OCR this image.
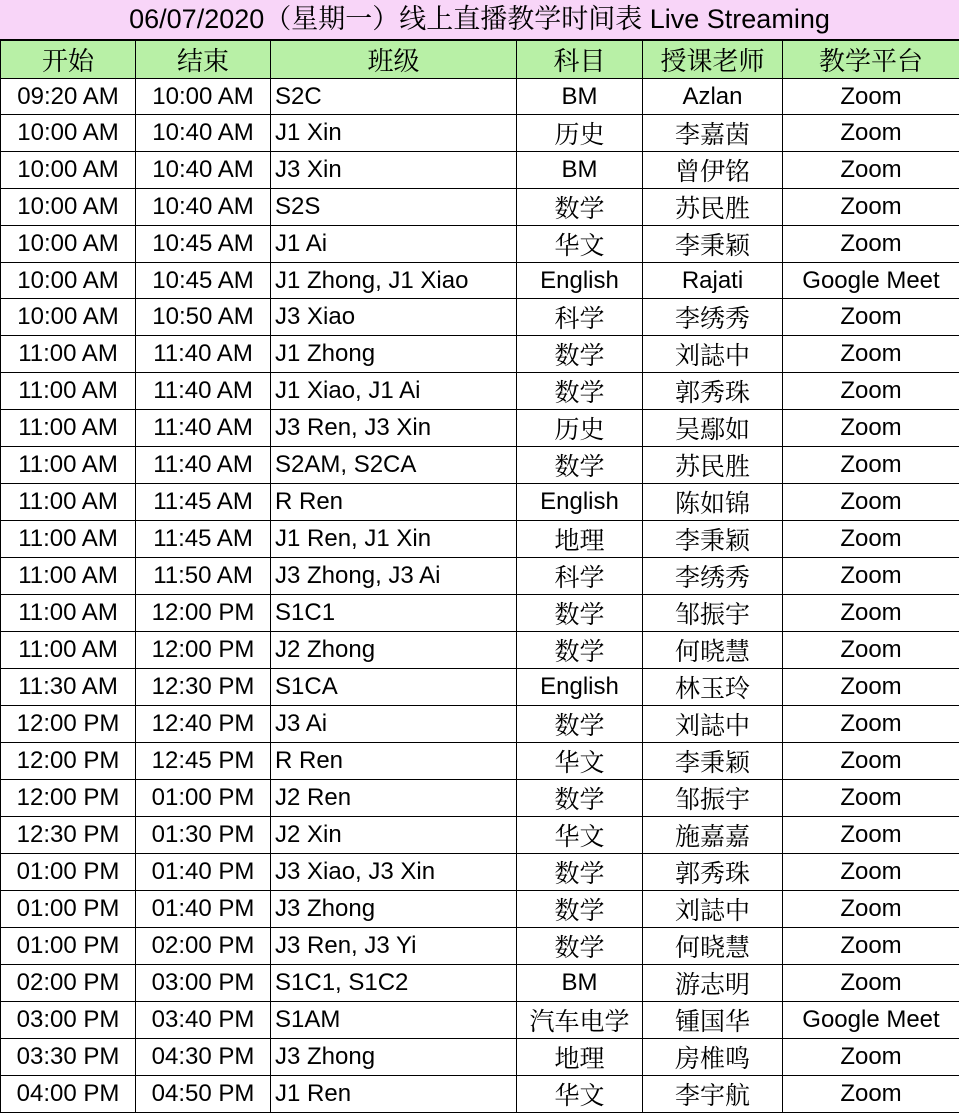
06/07/2020（星期一）线上直播教学时间表 Live Streaming
开始	结束	班级	科目	授课老师	教学平台
09:20 AM	10:00 AM	S2C	BM	Azlan	Zoom
10:00 AM	10:40 AM	J1 Xin	历史	李嘉茵	Zoom
10:00 AM	10:40 AM	J3 Xin	BM	曾伊铭	Zoom
10:00 AM	10:40 AM	S2S	数学	苏民胜	Zoom
10:00 AM	10:45 AM	J1 Ai	华文	李秉颖	Zoom
10:00 AM	10:45 AM	J1 Zhong, J1 Xiao	English	Rajati	Google Meet
10:00 AM	10:50 AM	J3 Xiao	科学	李绣秀	Zoom
11:00 AM	11:40 AM	J1 Zhong	数学	刘誌中	Zoom
11:00 AM	11:40 AM	J1 Xiao, J1 Ai	数学	郭秀珠	Zoom
11:00 AM	11:40 AM	J3 Ren, J3 Xin	历史	吴鄢如	Zoom
11:00 AM	11:40 AM	S2AM, S2CA	数学	苏民胜	Zoom
11:00 AM	11:45 AM	R Ren	English	陈如锦	Zoom
11:00 AM	11:45 AM	J1 Ren, J1 Xin	地理	李秉颖	Zoom
11:00 AM	11:50 AM	J3 Zhong, J3 Ai	科学	李绣秀	Zoom
11:00 AM	12:00 PM	S1C1	数学	邹振宇	Zoom
11:00 AM	12:00 PM	J2 Zhong	数学	何晓慧	Zoom
11:30 AM	12:30 PM	S1CA	English	林玉玲	Zoom
12:00 PM	12:40 PM	J3 Ai	数学	刘誌中	Zoom
12:00 PM	12:45 PM	R Ren	华文	李秉颖	Zoom
12:00 PM	01:00 PM	J2 Ren	数学	邹振宇	Zoom
12:30 PM	01:30 PM	J2 Xin	华文	施嘉嘉	Zoom
01:00 PM	01:40 PM	J3 Xiao, J3 Xin	数学	郭秀珠	Zoom
01:00 PM	01:40 PM	J3 Zhong	数学	刘誌中	Zoom
01:00 PM	02:00 PM	J3 Ren, J3 Yi	数学	何晓慧	Zoom
02:00 PM	03:00 PM	S1C1, S1C2	BM	游志明	Zoom
03:00 PM	03:40 PM	S1AM	汽车电学	锺国华	Google Meet
03:30 PM	04:30 PM	J3 Zhong	地理	房椎鸣	Zoom
04:00 PM	04:50 PM	J1 Ren	华文	李宇航	Zoom
